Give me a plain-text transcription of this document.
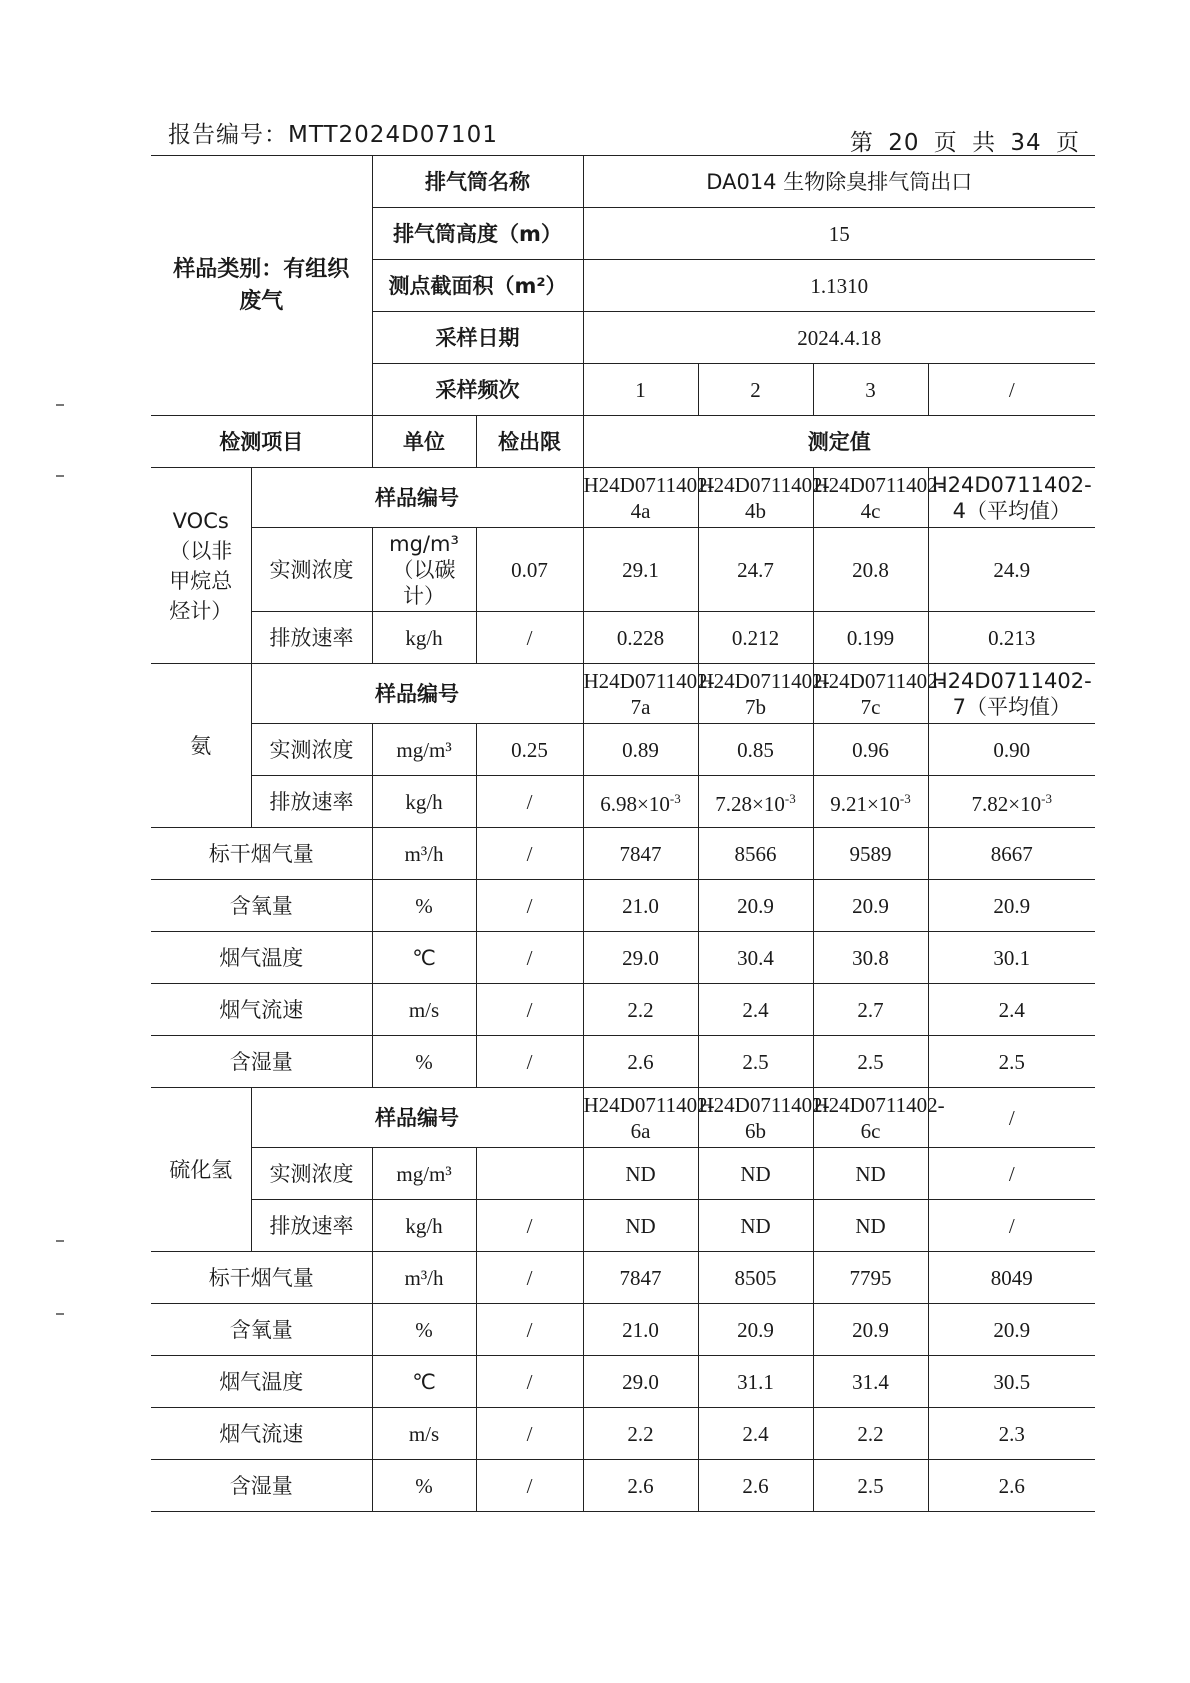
报告编号：MTT2024D07101	第 20 页 共 34 页
样品类别：有组织废气		排气筒名称		DA014 生物除臭排气筒出口			
		排气筒高度（m）		15			
		测点截面积（m²）		1.1310			
		采样日期		2024.4.18			
		采样频次		1	2	3	/
检测项目		单位	检出限	测定值			
VOCs（以非甲烷总烃计）	样品编号			H24D0711402-4a	H24D0711402-4b	H24D0711402-4c	H24D0711402-4（平均值）
	实测浓度	mg/m³（以碳计）	0.07	29.1	24.7	20.8	24.9
	排放速率	kg/h	/	0.228	0.212	0.199	0.213
氨	样品编号			H24D0711402-7a	H24D0711402-7b	H24D0711402-7c	H24D0711402-7（平均值）
	实测浓度	mg/m³	0.25	0.89	0.85	0.96	0.90
	排放速率	kg/h	/	$6.98\times 10^{-3}$	$7.28\times 10^{-3}$	$9.21\times 10^{-3}$	$7.82\times 10^{-3}$
标干烟气量		m³/h	/	7847	8566	9589	8667
含氧量		%	/	21.0	20.9	20.9	20.9
烟气温度		℃	/	29.0	30.4	30.8	30.1
烟气流速		m/s	/	2.2	2.4	2.7	2.4
含湿量		%	/	2.6	2.5	2.5	2.5
硫化氢	样品编号			H24D0711402-6a	H24D0711402-6b	H24D0711402-6c	/
	实测浓度	mg/m³		ND	ND	ND	/
	排放速率	kg/h	/	ND	ND	ND	/
标干烟气量		m³/h	/	7847	8505	7795	8049
含氧量		%	/	21.0	20.9	20.9	20.9
烟气温度		℃	/	29.0	31.1	31.4	30.5
烟气流速		m/s	/	2.2	2.4	2.2	2.3
含湿量		%	/	2.6	2.6	2.5	2.6
